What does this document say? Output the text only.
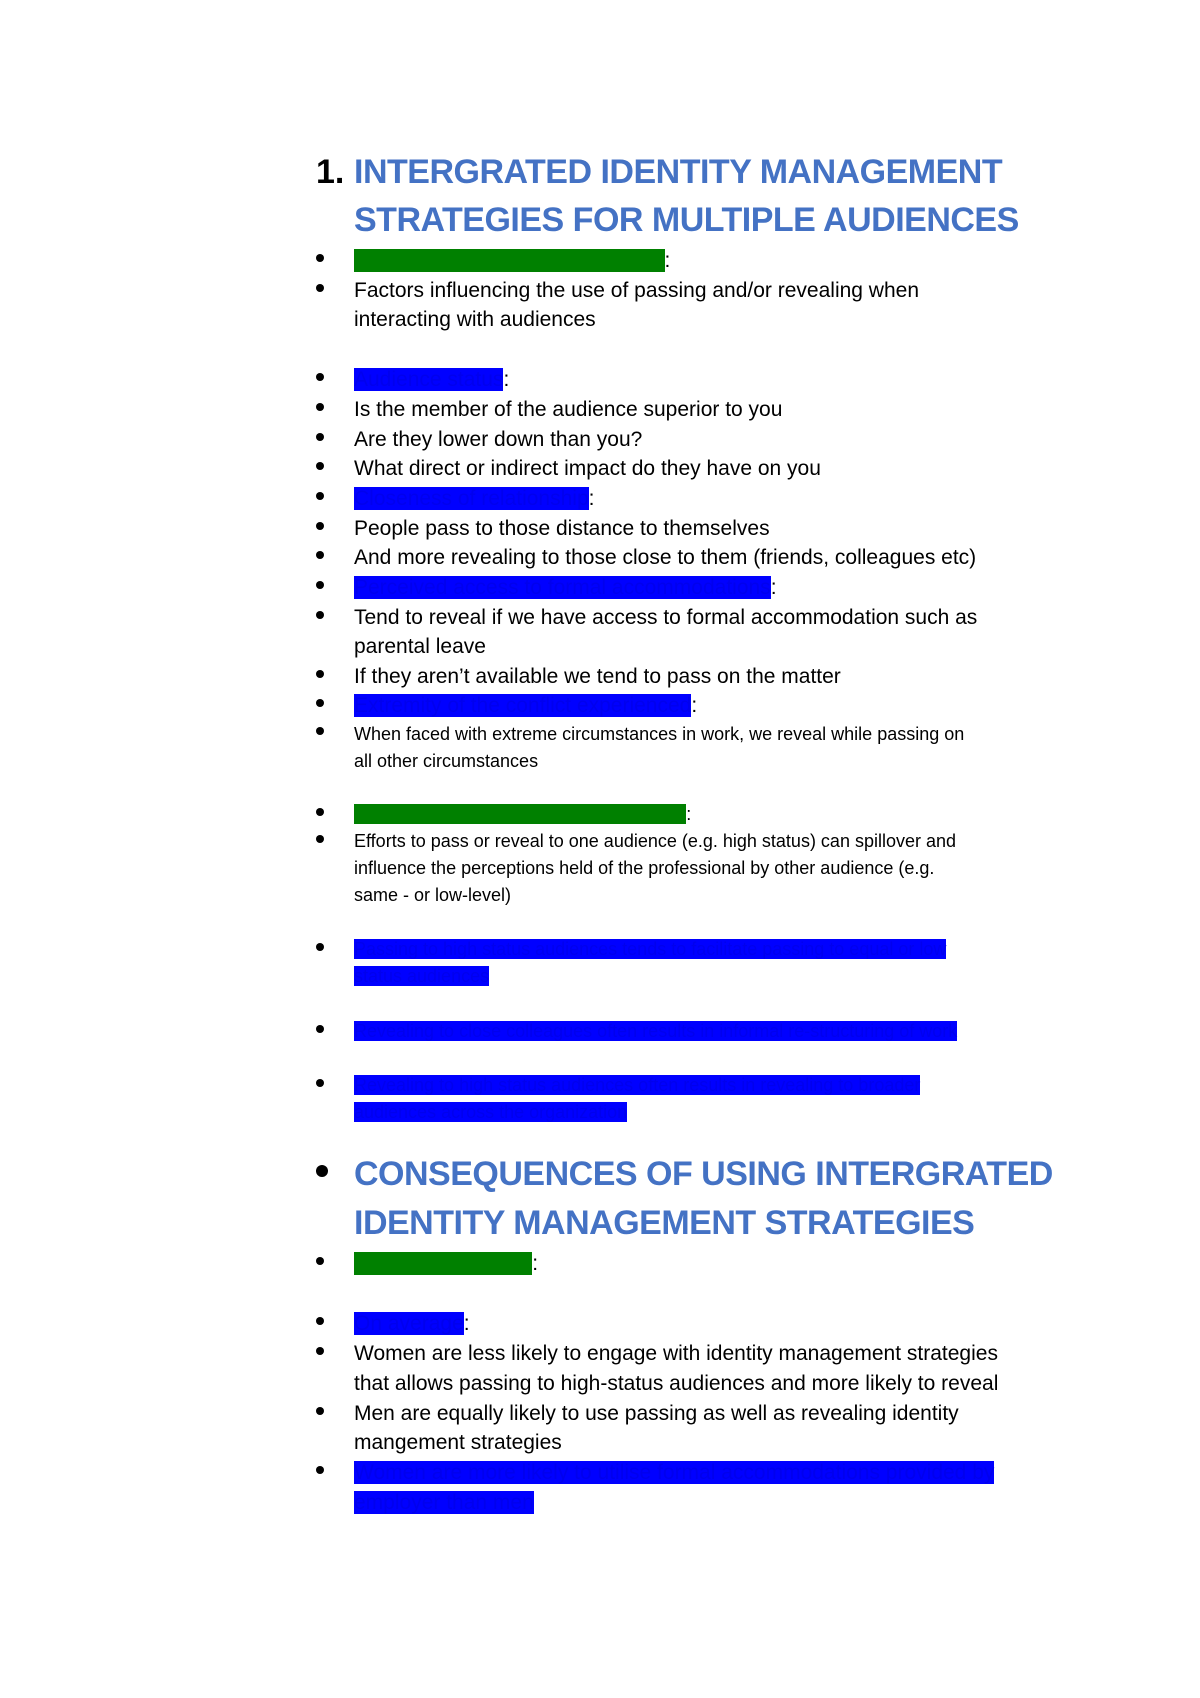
1. INTERGRATED IDENTITY MANAGEMENT
STRATEGIES FOR MULTIPLE AUDIENCES
Combining passing and revealing:
Factors influencing the use of passing and/or revealing when
interacting with audiences
Audience status:
Is the member of the audience superior to you
Are they lower down than you?
What direct or indirect impact do they have on you
Closeness of relationship:
People pass to those distance to themselves
And more revealing to those close to them (friends, colleagues etc)
Perceived access to formal accommodations:
Tend to reveal if we have access to formal accommodation such as
parental leave
If they aren’t available we tend to pass on the matter
Extremity of the conflict experienced:
When faced with extreme circumstances in work, we reveal while passing on
all other circumstances
Spillover of perceptions across audiences:
Efforts to pass or reveal to one audience (e.g. high status) can spillover and
influence the perceptions held of the professional by other audience (e.g.
same - or low-level)
Passing to high status audiences tends to facilitate passing to equal or low
status audiences
Revealing to close colleagues often results in informal re-structuring of work
Revealing to high status audiences often results in revealing to broader
audiences across the organization
CONSEQUENCES OF USING INTERGRATED
IDENTITY MANAGEMENT STRATEGIES
Gender differences:
On average:
Women are less likely to engage with identity management strategies
that allows passing to high-status audiences and more likely to reveal
Men are equally likely to use passing as well as revealing identity
mangement strategies
Women are more likely to utilise formal accommodations provided by
employer than men
